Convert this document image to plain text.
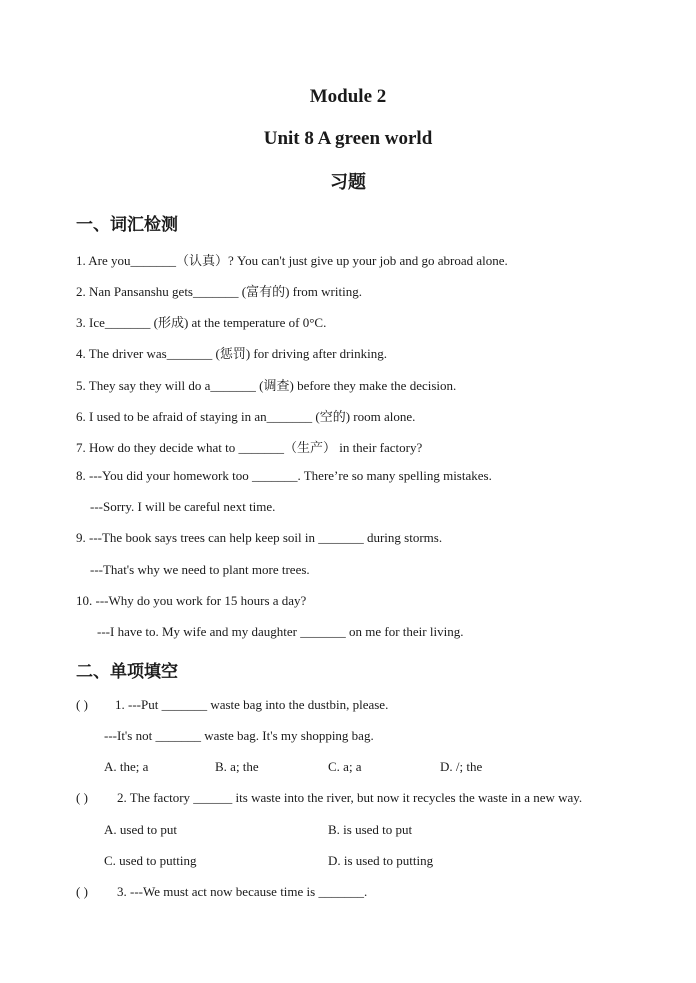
Module 2
Unit 8 A green world
习题
一、词汇检测
1. Are you_______（认真）? You can't just give up your job and go abroad alone.
2. Nan Pansanshu gets_______ (富有的) from writing.
3. Ice_______ (形成) at the temperature of 0°C.
4. The driver was_______ (惩罚) for driving after drinking.
5. They say they will do a_______ (调查) before they make the decision.
6. I used to be afraid of staying in an_______ (空的) room alone.
7. How do they decide what to _______（生产） in their factory?
8. ---You did your homework too _______. There’re so many spelling mistakes.
---Sorry. I will be careful next time.
9. ---The book says trees can help keep soil in _______ during storms.
---That's why we need to plant more trees.
10. ---Why do you work for 15 hours a day?
---I have to. My wife and my daughter _______ on me for their living.
二、单项填空
( ) 1. ---Put _______ waste bag into the dustbin, please.
---It's not _______ waste bag. It's my shopping bag.
A. the; a	B. a; the	C. a; a	D. /; the
( ) 2. The factory ______ its waste into the river, but now it recycles the waste in a new way.
A. used to put	B. is used to put
C. used to putting	D. is used to putting
( ) 3. ---We must act now because time is _______.
